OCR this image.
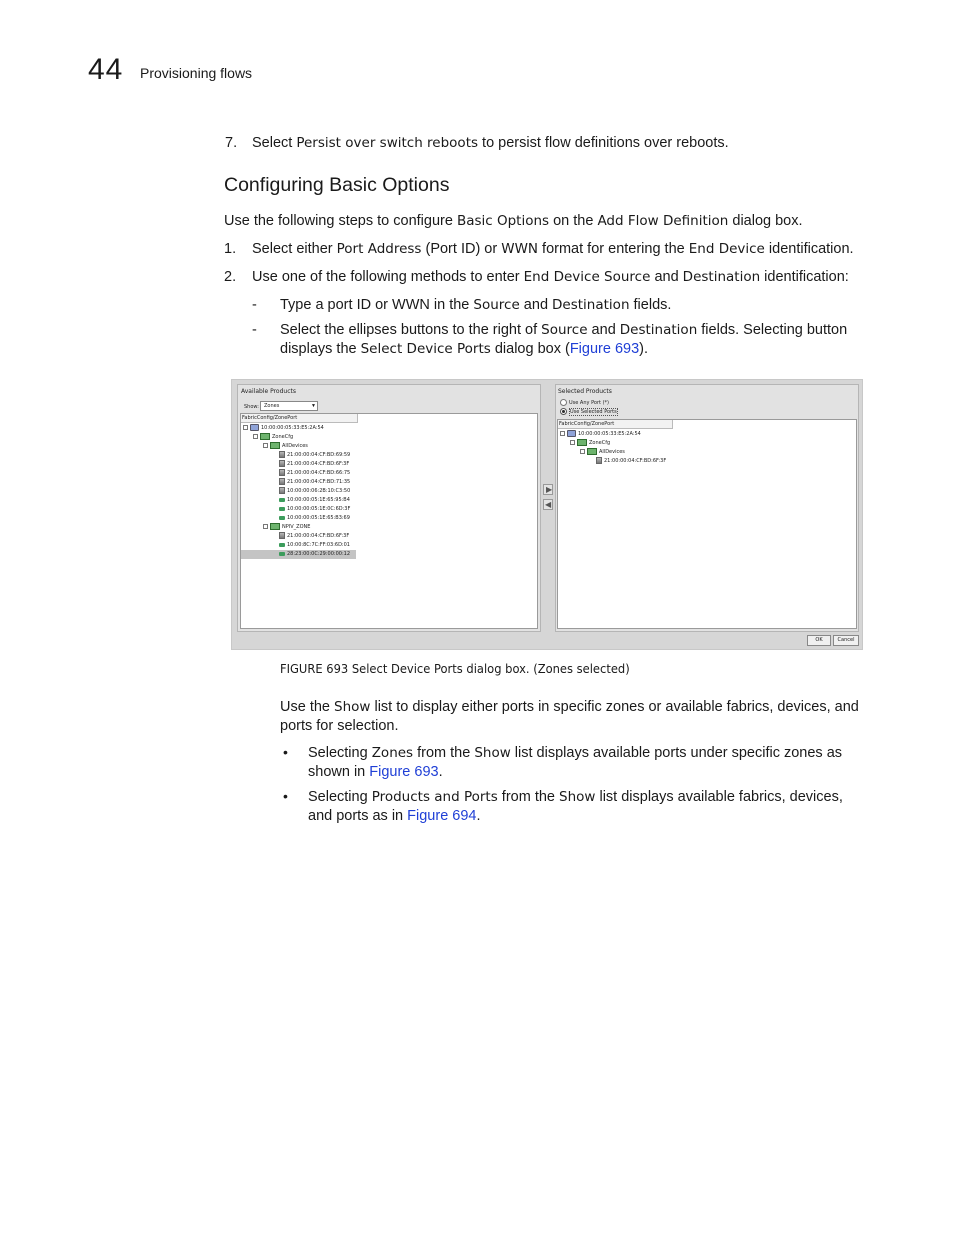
44 Provisioning flows
7. Select Persist over switch reboots to persist flow definitions over reboots.
Configuring Basic Options
Use the following steps to configure Basic Options on the Add Flow Definition dialog box.
1. Select either Port Address (Port ID) or WWN format for entering the End Device identification.
2. Use one of the following methods to enter End Device Source and Destination identification:
- Type a port ID or WWN in the Source and Destination fields.
- Select the ellipses buttons to the right of Source and Destination fields. Selecting button
displays the Select Device Ports dialog box (Figure 693).
Available Products
Show: Zones	▼
FabricConfig/ZonePort
10:00:00:05:33:E5:2A:54
ZoneCfg
AllDevices
21:00:00:04:CF:BD:69:59
21:00:00:04:CF:BD:6F:3F
21:00:00:04:CF:BD:66:75
21:00:00:04:CF:BD:71:35
10:00:00:06:2B:10:C3:50
10:00:00:05:1E:65:95:B4
10:00:00:05:1E:0C:6D:3F
10:00:00:05:1E:65:B3:69
NPIV_ZONE
21:00:00:04:CF:BD:6F:3F
10:00:8C:7C:FF:03:6D:01
28:23:00:0C:29:00:00:12
▶
◀
Selected Products
Use Any Port (*)
Use Selected Ports
FabricConfig/ZonePort
10:00:00:05:33:E5:2A:54
ZoneCfg
AllDevices
21:00:00:04:CF:BD:6F:3F
OK	Cancel
FIGURE 693 Select Device Ports dialog box. (Zones selected)
Use the Show list to display either ports in specific zones or available fabrics, devices, and
ports for selection.
• Selecting Zones from the Show list displays available ports under specific zones as
shown in Figure 693.
• Selecting Products and Ports from the Show list displays available fabrics, devices,
and ports as in Figure 694.
